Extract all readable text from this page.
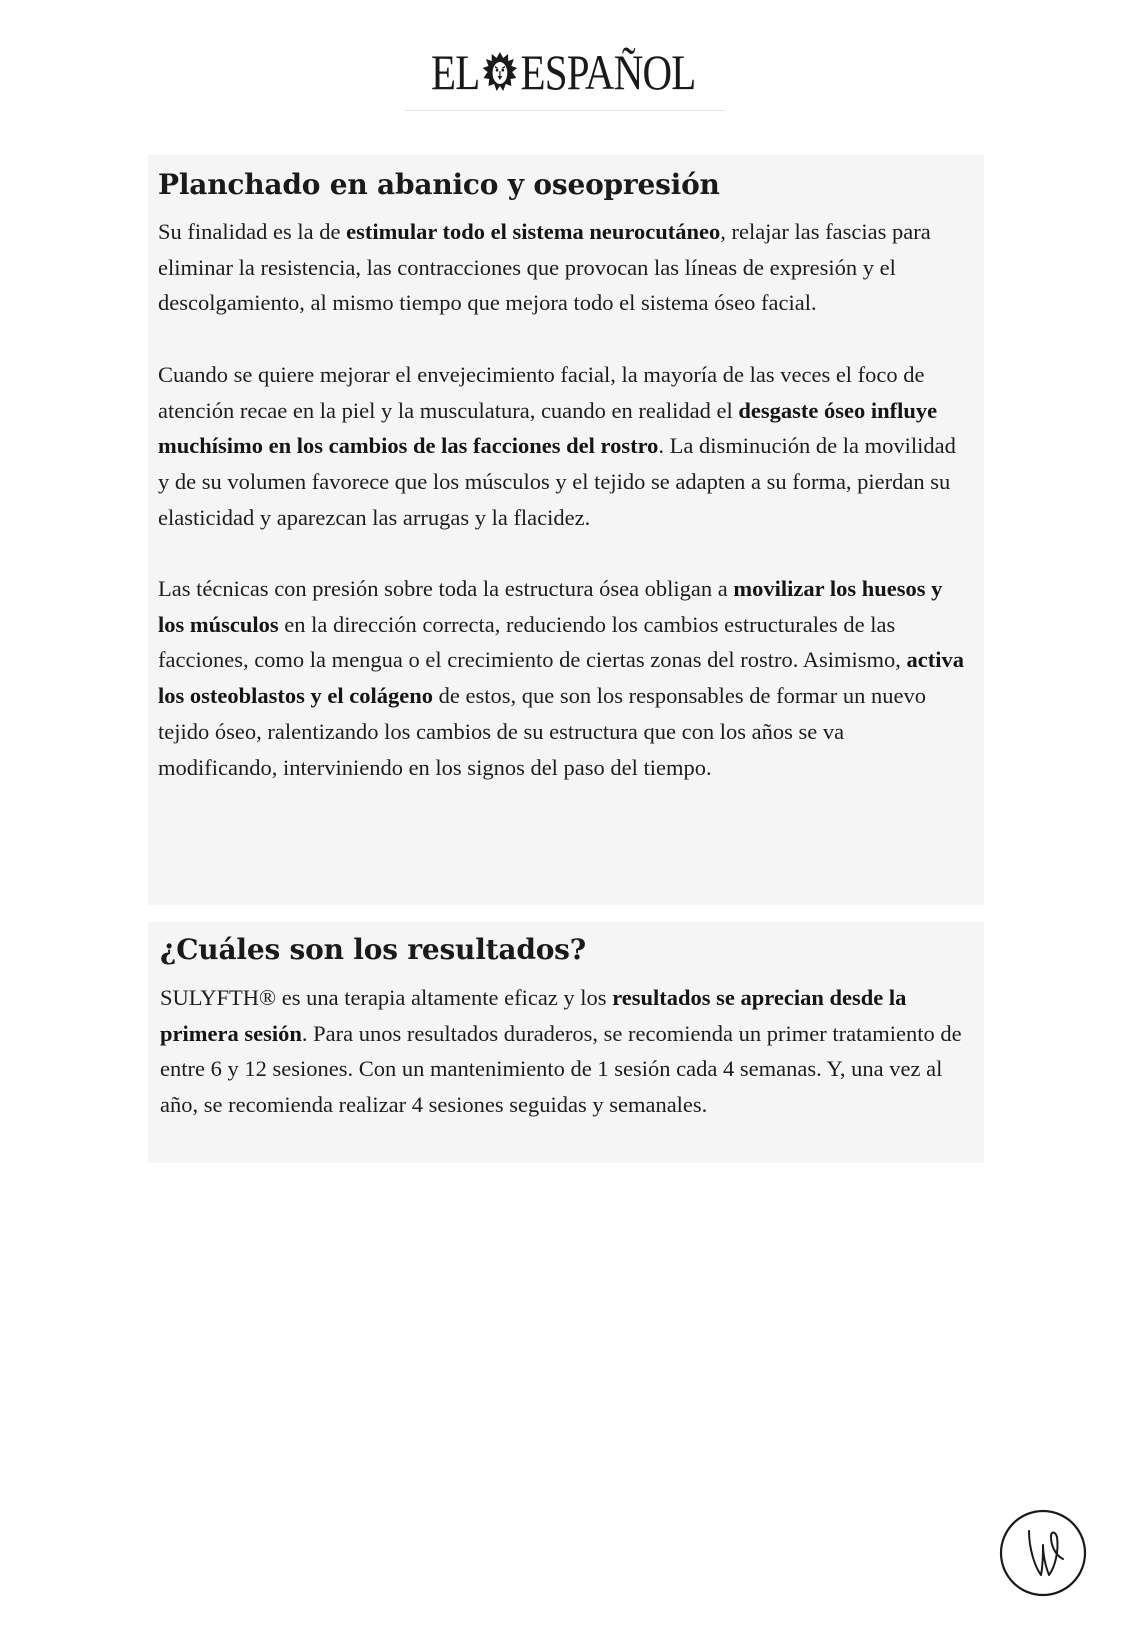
EL ESPAÑOL
Planchado en abanico y oseopresión

Su finalidad es la de estimular todo el sistema neurocutáneo, relajar las fascias para eliminar la resistencia, las contracciones que provocan las líneas de expresión y el descolgamiento, al mismo tiempo que mejora todo el sistema óseo facial.

Cuando se quiere mejorar el envejecimiento facial, la mayoría de las veces el foco de atención recae en la piel y la musculatura, cuando en realidad el desgaste óseo influye muchísimo en los cambios de las facciones del rostro. La disminución de la movilidad y de su volumen favorece que los músculos y el tejido se adapten a su forma, pierdan su elasticidad y aparezcan las arrugas y la flacidez.

Las técnicas con presión sobre toda la estructura ósea obligan a movilizar los huesos y los músculos en la dirección correcta, reduciendo los cambios estructurales de las facciones, como la mengua o el crecimiento de ciertas zonas del rostro. Asimismo, activa los osteoblastos y el colágeno de estos, que son los responsables de formar un nuevo tejido óseo, ralentizando los cambios de su estructura que con los años se va modificando, interviniendo en los signos del paso del tiempo.

¿Cuáles son los resultados?

SULYFTH® es una terapia altamente eficaz y los resultados se aprecian desde la primera sesión. Para unos resultados duraderos, se recomienda un primer tratamiento de entre 6 y 12 sesiones. Con un mantenimiento de 1 sesión cada 4 semanas. Y, una vez al año, se recomienda realizar 4 sesiones seguidas y semanales.
